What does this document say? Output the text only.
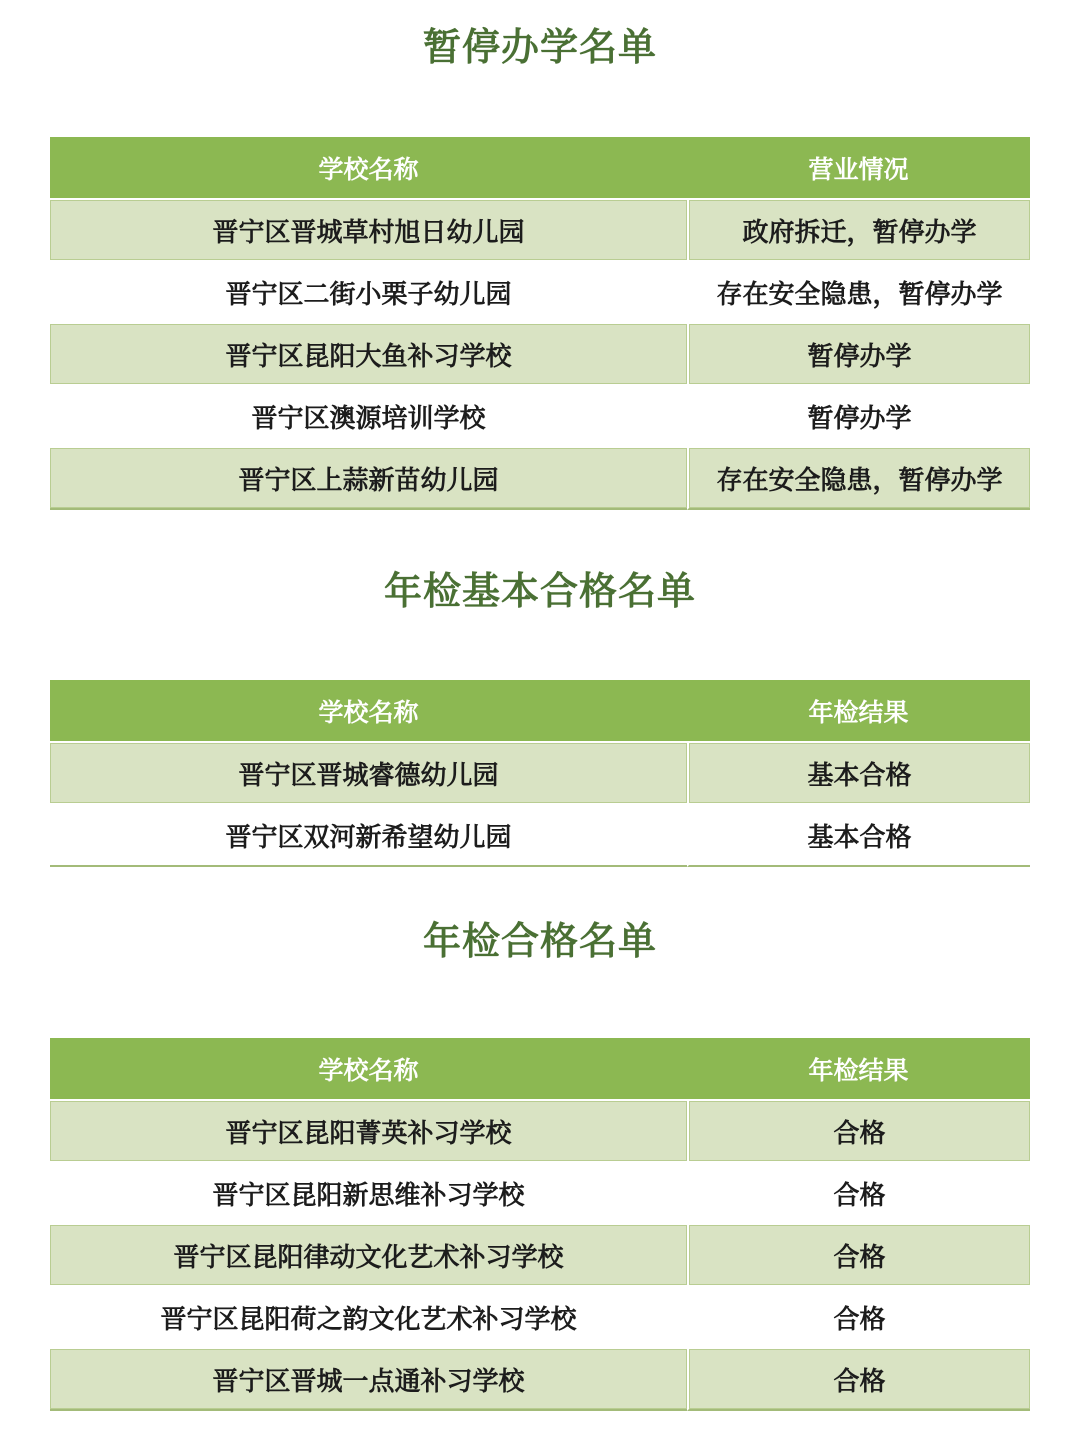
暂停办学名单
学校名称	营业情况
晋宁区晋城草村旭日幼儿园	政府拆迁，暂停办学
晋宁区二街小栗子幼儿园	存在安全隐患，暂停办学
晋宁区昆阳大鱼补习学校	暂停办学
晋宁区澳源培训学校	暂停办学
晋宁区上蒜新苗幼儿园	存在安全隐患，暂停办学
年检基本合格名单
学校名称	年检结果
晋宁区晋城睿德幼儿园	基本合格
晋宁区双河新希望幼儿园	基本合格
年检合格名单
学校名称	年检结果
晋宁区昆阳菁英补习学校	合格
晋宁区昆阳新思维补习学校	合格
晋宁区昆阳律动文化艺术补习学校	合格
晋宁区昆阳荷之韵文化艺术补习学校	合格
晋宁区晋城一点通补习学校	合格
